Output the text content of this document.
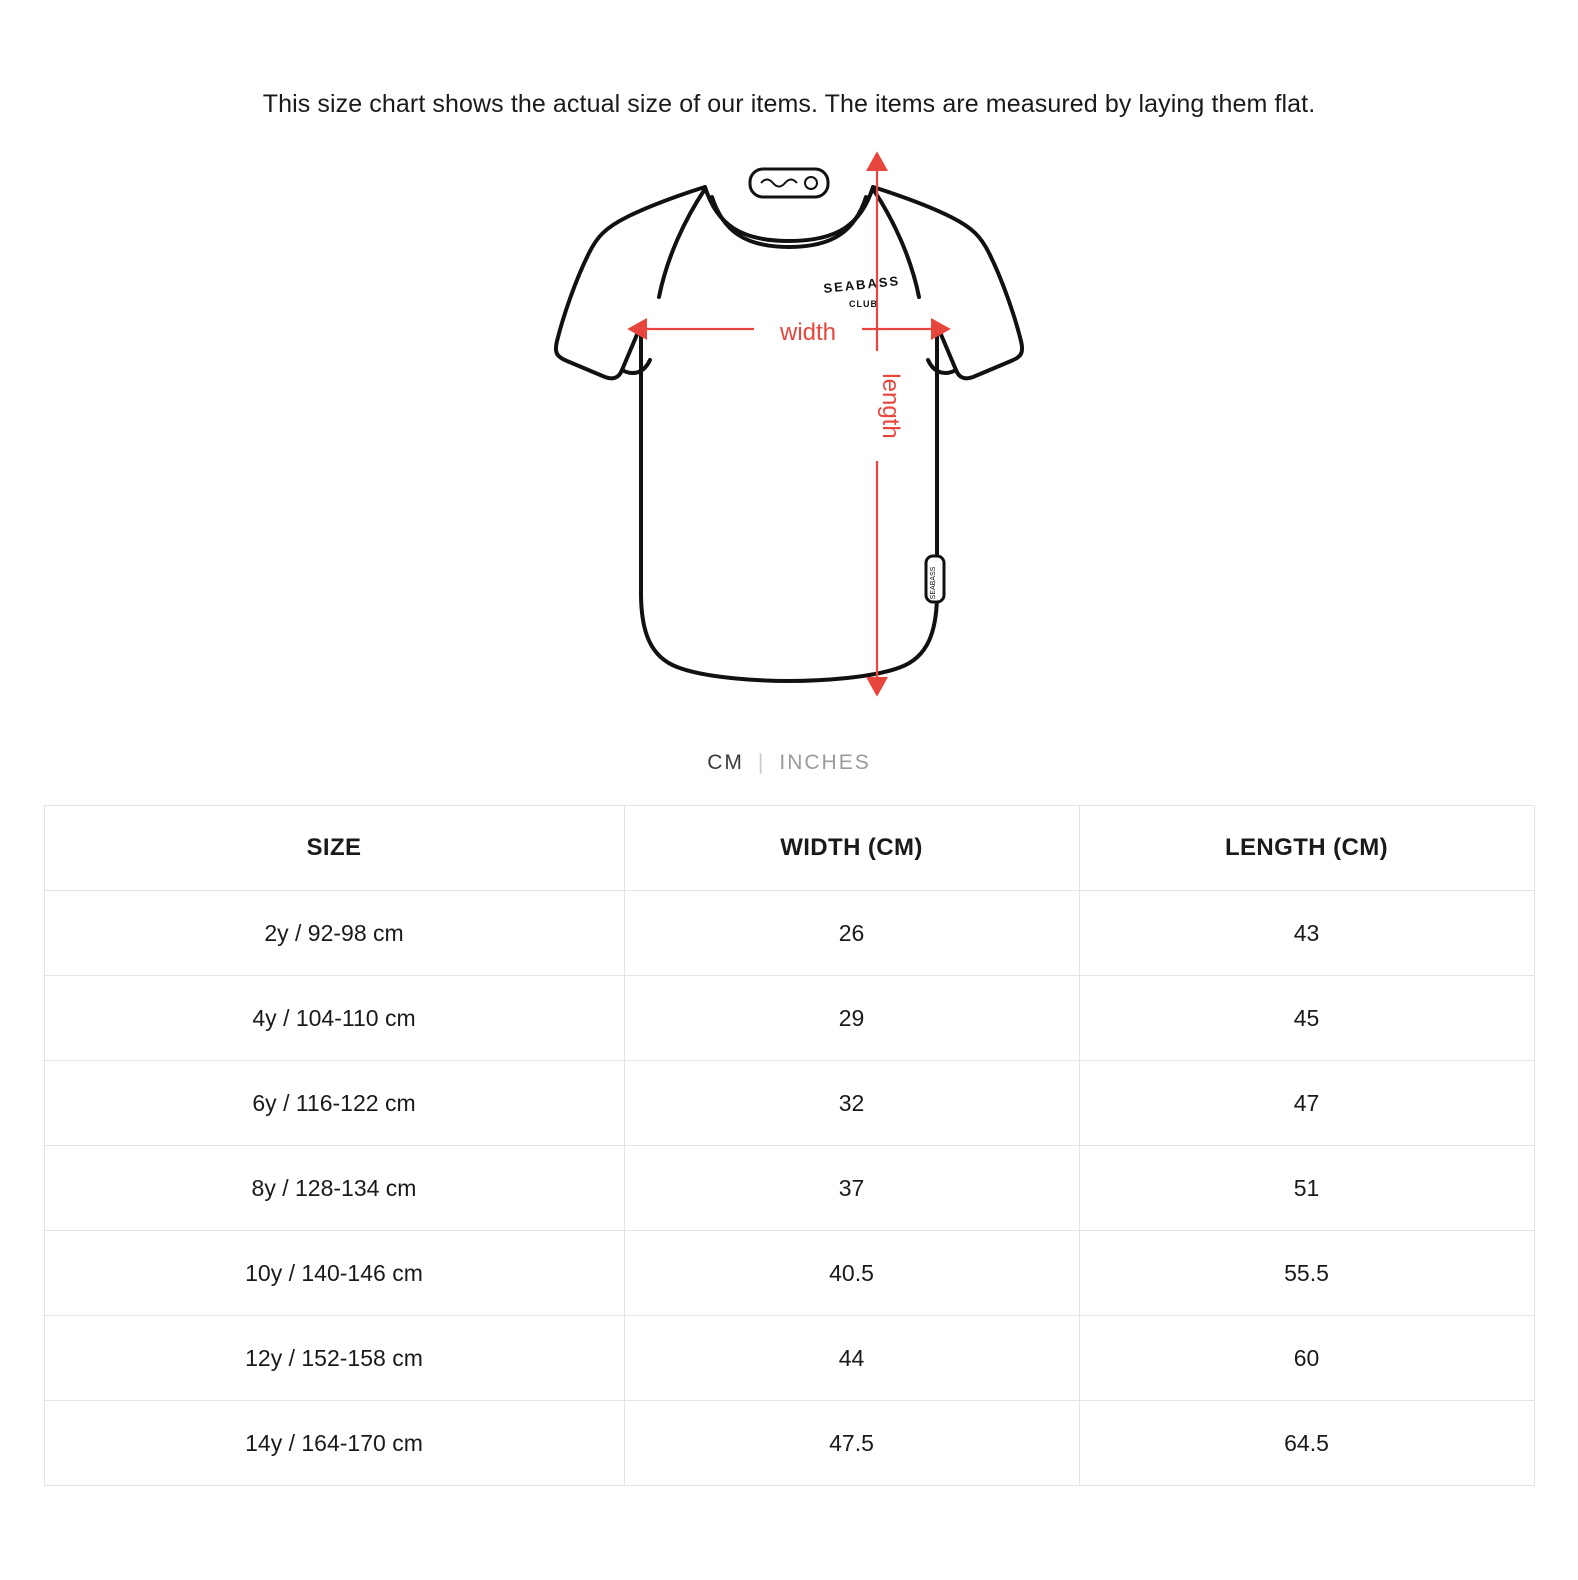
This size chart shows the actual size of our items. The items are measured by laying them flat.
SEABASS
CLUB
SEABASS
width
length
CM | INCHES
SIZE	WIDTH (CM)	LENGTH (CM)
2y / 92-98 cm	26	43
4y / 104-110 cm	29	45
6y / 116-122 cm	32	47
8y / 128-134 cm	37	51
10y / 140-146 cm	40.5	55.5
12y / 152-158 cm	44	60
14y / 164-170 cm	47.5	64.5
